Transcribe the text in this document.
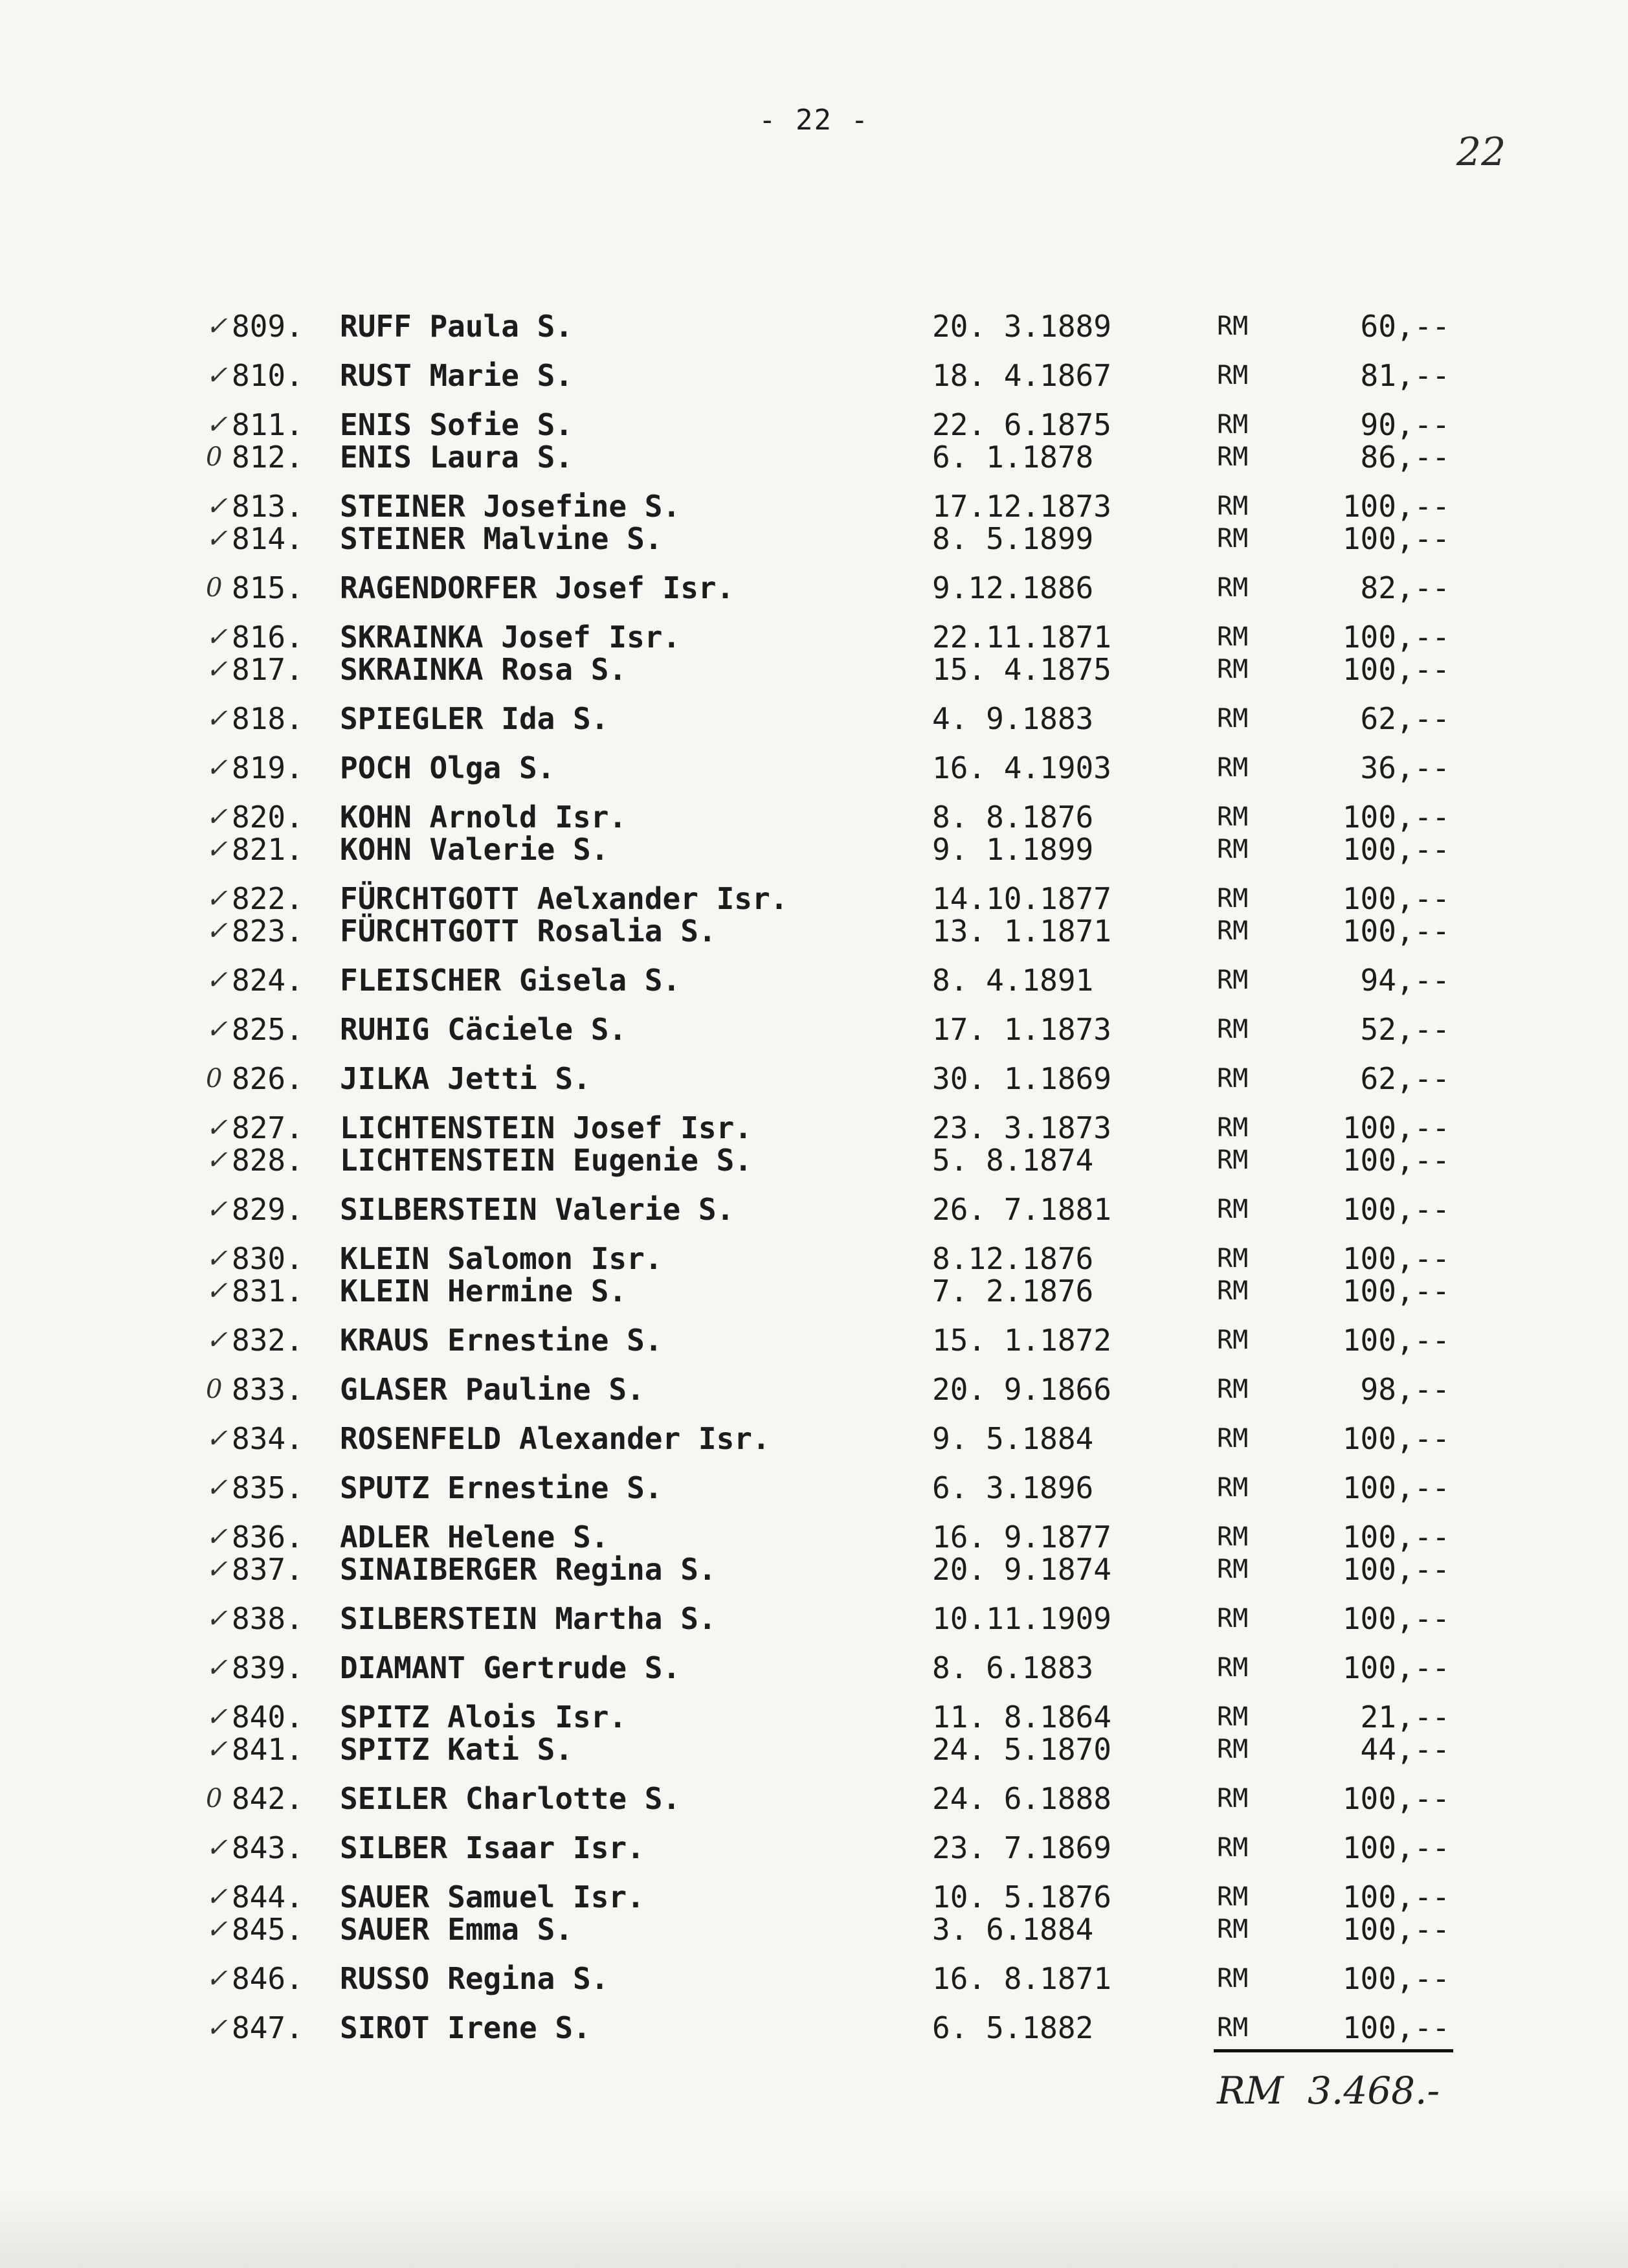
- 22 -
22
✓ 809.	RUFF Paula S.	20. 3.1889	RM	60,--
✓ 810.	RUST Marie S.	18. 4.1867	RM	81,--
✓ 811.	ENIS Sofie S.	22. 6.1875	RM	90,--
0 812.	ENIS Laura S.	6. 1.1878	RM	86,--
✓ 813.	STEINER Josefine S.	17.12.1873	RM	100,--
✓ 814.	STEINER Malvine S.	8. 5.1899	RM	100,--
0 815.	RAGENDORFER Josef Isr.	9.12.1886	RM	82,--
✓ 816.	SKRAINKA Josef Isr.	22.11.1871	RM	100,--
✓ 817.	SKRAINKA Rosa S.	15. 4.1875	RM	100,--
✓ 818.	SPIEGLER Ida S.	4. 9.1883	RM	62,--
✓ 819.	POCH Olga S.	16. 4.1903	RM	36,--
✓ 820.	KOHN Arnold Isr.	8. 8.1876	RM	100,--
✓ 821.	KOHN Valerie S.	9. 1.1899	RM	100,--
✓ 822.	FÜRCHTGOTT Aelxander Isr.	14.10.1877	RM	100,--
✓ 823.	FÜRCHTGOTT Rosalia S.	13. 1.1871	RM	100,--
✓ 824.	FLEISCHER Gisela S.	8. 4.1891	RM	94,--
✓ 825.	RUHIG Cäciele S.	17. 1.1873	RM	52,--
0 826.	JILKA Jetti S.	30. 1.1869	RM	62,--
✓ 827.	LICHTENSTEIN Josef Isr.	23. 3.1873	RM	100,--
✓ 828.	LICHTENSTEIN Eugenie S.	5. 8.1874	RM	100,--
✓ 829.	SILBERSTEIN Valerie S.	26. 7.1881	RM	100,--
✓ 830.	KLEIN Salomon Isr.	8.12.1876	RM	100,--
✓ 831.	KLEIN Hermine S.	7. 2.1876	RM	100,--
✓ 832.	KRAUS Ernestine S.	15. 1.1872	RM	100,--
0 833.	GLASER Pauline S.	20. 9.1866	RM	98,--
✓ 834.	ROSENFELD Alexander Isr.	9. 5.1884	RM	100,--
✓ 835.	SPUTZ Ernestine S.	6. 3.1896	RM	100,--
✓ 836.	ADLER Helene S.	16. 9.1877	RM	100,--
✓ 837.	SINAIBERGER Regina S.	20. 9.1874	RM	100,--
✓ 838.	SILBERSTEIN Martha S.	10.11.1909	RM	100,--
✓ 839.	DIAMANT Gertrude S.	8. 6.1883	RM	100,--
✓ 840.	SPITZ Alois Isr.	11. 8.1864	RM	21,--
✓ 841.	SPITZ Kati S.	24. 5.1870	RM	44,--
0 842.	SEILER Charlotte S.	24. 6.1888	RM	100,--
✓ 843.	SILBER Isaar Isr.	23. 7.1869	RM	100,--
✓ 844.	SAUER Samuel Isr.	10. 5.1876	RM	100,--
✓ 845.	SAUER Emma S.	3. 6.1884	RM	100,--
✓ 846.	RUSSO Regina S.	16. 8.1871	RM	100,--
✓ 847.	SIROT Irene S.	6. 5.1882	RM	100,--
RM 3.468.-
